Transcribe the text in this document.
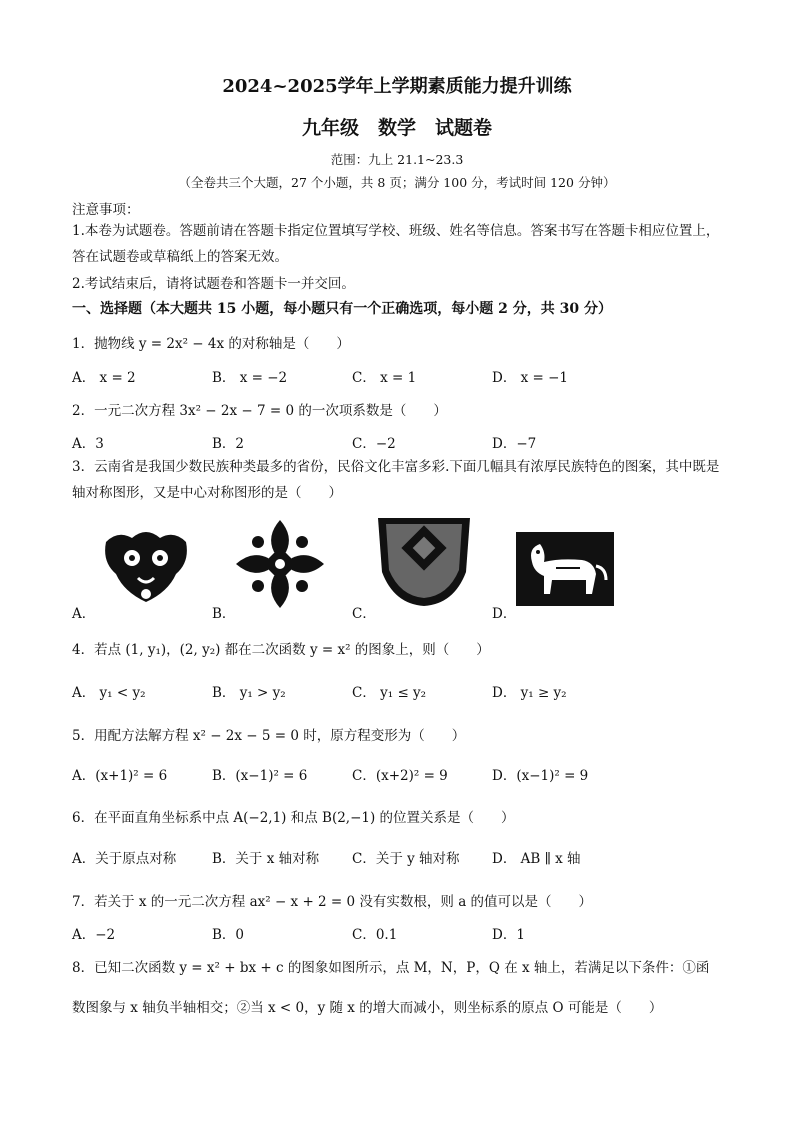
2024~2025学年上学期素质能力提升训练
九年级　数学　试题卷
范围：九上 21.1~23.3
（全卷共三个大题，27 个小题，共 8 页；满分 100 分，考试时间 120 分钟）
注意事项：
1.本卷为试题卷。答题前请在答题卡指定位置填写学校、班级、姓名等信息。答案书写在答题卡相应位置上，答在试题卷或草稿纸上的答案无效。
2.考试结束后，请将试题卷和答题卡一并交回。
一、选择题（本大题共 15 小题，每小题只有一个正确选项，每小题 2 分，共 30 分）
1．抛物线 y = 2x² − 4x 的对称轴是（　　）
A． x = 2	B． x = −2	C． x = 1	D． x = −1
2．一元二次方程 3x² − 2x − 7 = 0 的一次项系数是（　　）
A．3	B．2	C．−2	D．−7
3．云南省是我国少数民族种类最多的省份，民俗文化丰富多彩.下面几幅具有浓厚民族特色的图案，其中既是轴对称图形，又是中心对称图形的是（　　）
A．	B．	C．	D．
4．若点 (1, y₁)，(2, y₂) 都在二次函数 y = x² 的图象上，则（　　）
A． y₁ < y₂	B． y₁ > y₂	C． y₁ ≤ y₂	D． y₁ ≥ y₂
5．用配方法解方程 x² − 2x − 5 = 0 时，原方程变形为（　　）
A．(x+1)² = 6	B．(x−1)² = 6	C．(x+2)² = 9	D．(x−1)² = 9
6．在平面直角坐标系中点 A(−2,1) 和点 B(2,−1) 的位置关系是（　　）
A．关于原点对称	B．关于 x 轴对称 C．关于 y 轴对称 D． AB ∥ x 轴
7．若关于 x 的一元二次方程 ax² − x + 2 = 0 没有实数根，则 a 的值可以是（　　）
A．−2	B．0	C．0.1	D．1
8．已知二次函数 y = x² + bx + c 的图象如图所示，点 M，N，P，Q 在 x 轴上，若满足以下条件：①函
数图象与 x 轴负半轴相交；②当 x < 0，y 随 x 的增大而减小，则坐标系的原点 O 可能是（　　）
